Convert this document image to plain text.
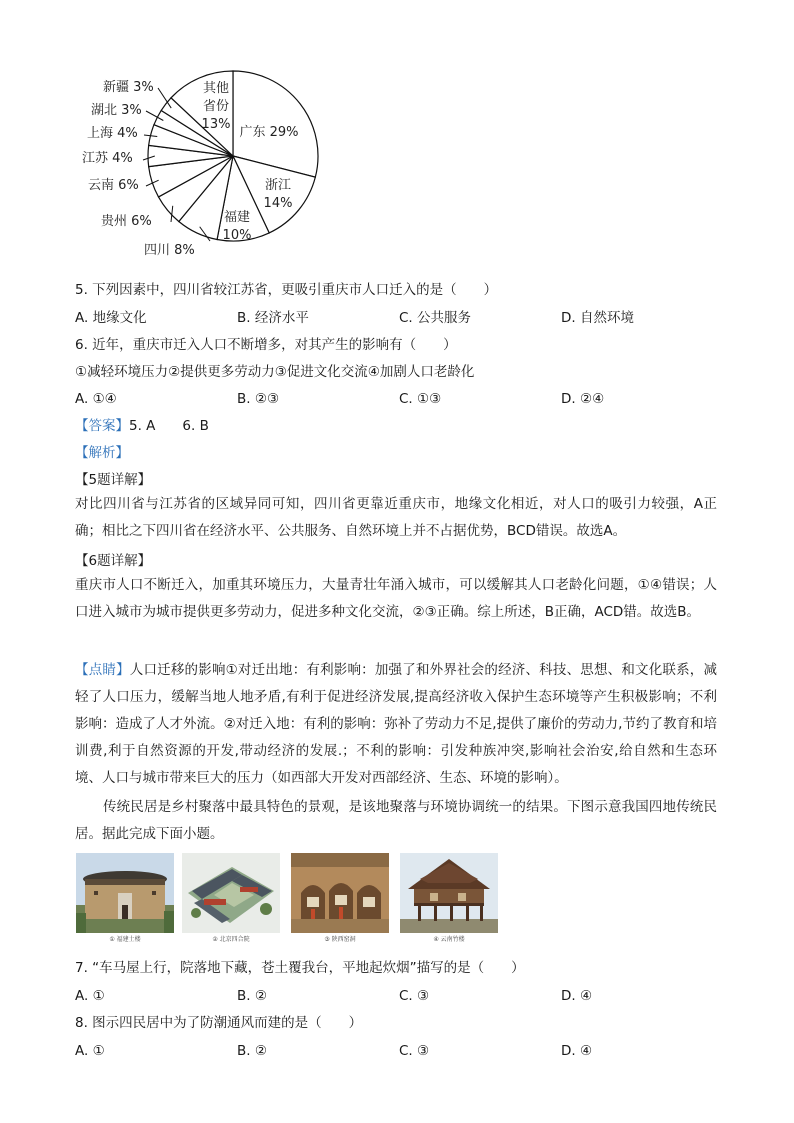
广东 29%
浙江
14%
福建
10%
其他
省份
13%
新疆 3%
湖北 3%
上海 4%
江苏 4%
云南 6%
贵州 6%
四川 8%
5. 下列因素中，四川省较江苏省，更吸引重庆市人口迁入的是（　　）
A. 地缘文化	B. 经济水平	C. 公共服务	D. 自然环境
6. 近年，重庆市迁入人口不断增多，对其产生的影响有（　　）
①减轻环境压力②提供更多劳动力③促进文化交流④加剧人口老龄化
A. ①④	B. ②③	C. ①③	D. ②④
【答案】5. A　　6. B
【解析】
【5题详解】
对比四川省与江苏省的区域异同可知，四川省更靠近重庆市，地缘文化相近，对人口的吸引力较强，A正确；相比之下四川省在经济水平、公共服务、自然环境上并不占据优势，BCD错误。故选A。
【6题详解】
重庆市人口不断迁入，加重其环境压力，大量青壮年涌入城市，可以缓解其人口老龄化问题，①④错误；人口进入城市为城市提供更多劳动力，促进多种文化交流，②③正确。综上所述，B正确，ACD错。故选B。
【点睛】人口迁移的影响①对迁出地：有利影响：加强了和外界社会的经济、科技、思想、和文化联系，减轻了人口压力，缓解当地人地矛盾,有利于促进经济发展,提高经济收入保护生态环境等产生积极影响；不利影响：造成了人才外流。②对迁入地：有利的影响：弥补了劳动力不足,提供了廉价的劳动力,节约了教育和培训费,利于自然资源的开发,带动经济的发展.；不利的影响：引发种族冲突,影响社会治安,给自然和生态环境、人口与城市带来巨大的压力（如西部大开发对西部经济、生态、环境的影响）。
传统民居是乡村聚落中最具特色的景观，是该地聚落与环境协调统一的结果。下图示意我国四地传统民居。据此完成下面小题。
① 福建土楼	② 北京四合院	③ 陕西窑洞	④ 云南竹楼
7. “车马屋上行，院落地下藏，苍土覆我台，平地起炊烟”描写的是（　　）
A. ①	B. ②	C. ③	D. ④
8. 图示四民居中为了防潮通风而建的是（　　）
A. ①	B. ②	C. ③	D. ④
